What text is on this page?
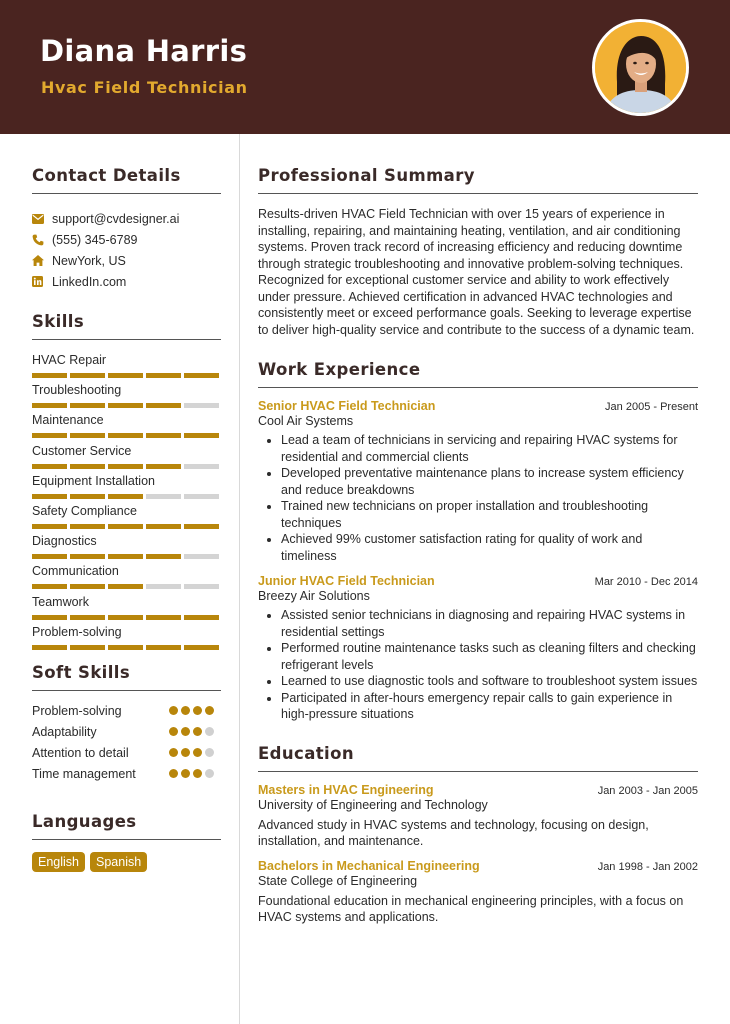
Diana Harris
Hvac Field Technician
Contact Details
support@cvdesigner.ai
(555) 345-6789
NewYork, US
LinkedIn.com
Skills
HVAC Repair
Troubleshooting
Maintenance
Customer Service
Equipment Installation
Safety Compliance
Diagnostics
Communication
Teamwork
Problem-solving
Soft Skills
Problem-solving
Adaptability
Attention to detail
Time management
Languages
English	Spanish
Professional Summary

Results-driven HVAC Field Technician with over 15 years of experience in installing, repairing, and maintaining heating, ventilation, and air conditioning systems. Proven track record of increasing efficiency and reducing downtime through strategic troubleshooting and innovative problem-solving techniques. Recognized for exceptional customer service and ability to work effectively under pressure. Achieved certification in advanced HVAC technologies and consistently meet or exceed performance goals. Seeking to leverage expertise to deliver high-quality service and contribute to the success of a dynamic team.

Work Experience
Senior HVAC Field Technician	Jan 2005 - Present
Cool Air Systems
• Lead a team of technicians in servicing and repairing HVAC systems for residential and commercial clients
• Developed preventative maintenance plans to increase system efficiency and reduce breakdowns
• Trained new technicians on proper installation and troubleshooting techniques
• Achieved 99% customer satisfaction rating for quality of work and timeliness
Junior HVAC Field Technician	Mar 2010 - Dec 2014
Breezy Air Solutions
• Assisted senior technicians in diagnosing and repairing HVAC systems in residential settings
• Performed routine maintenance tasks such as cleaning filters and checking refrigerant levels
• Learned to use diagnostic tools and software to troubleshoot system issues
• Participated in after-hours emergency repair calls to gain experience in high-pressure situations
Education
Masters in HVAC Engineering	Jan 2003 - Jan 2005
University of Engineering and Technology

Advanced study in HVAC systems and technology, focusing on design, installation, and maintenance.

Bachelors in Mechanical Engineering	Jan 1998 - Jan 2002
State College of Engineering

Foundational education in mechanical engineering principles, with a focus on HVAC systems and applications.
